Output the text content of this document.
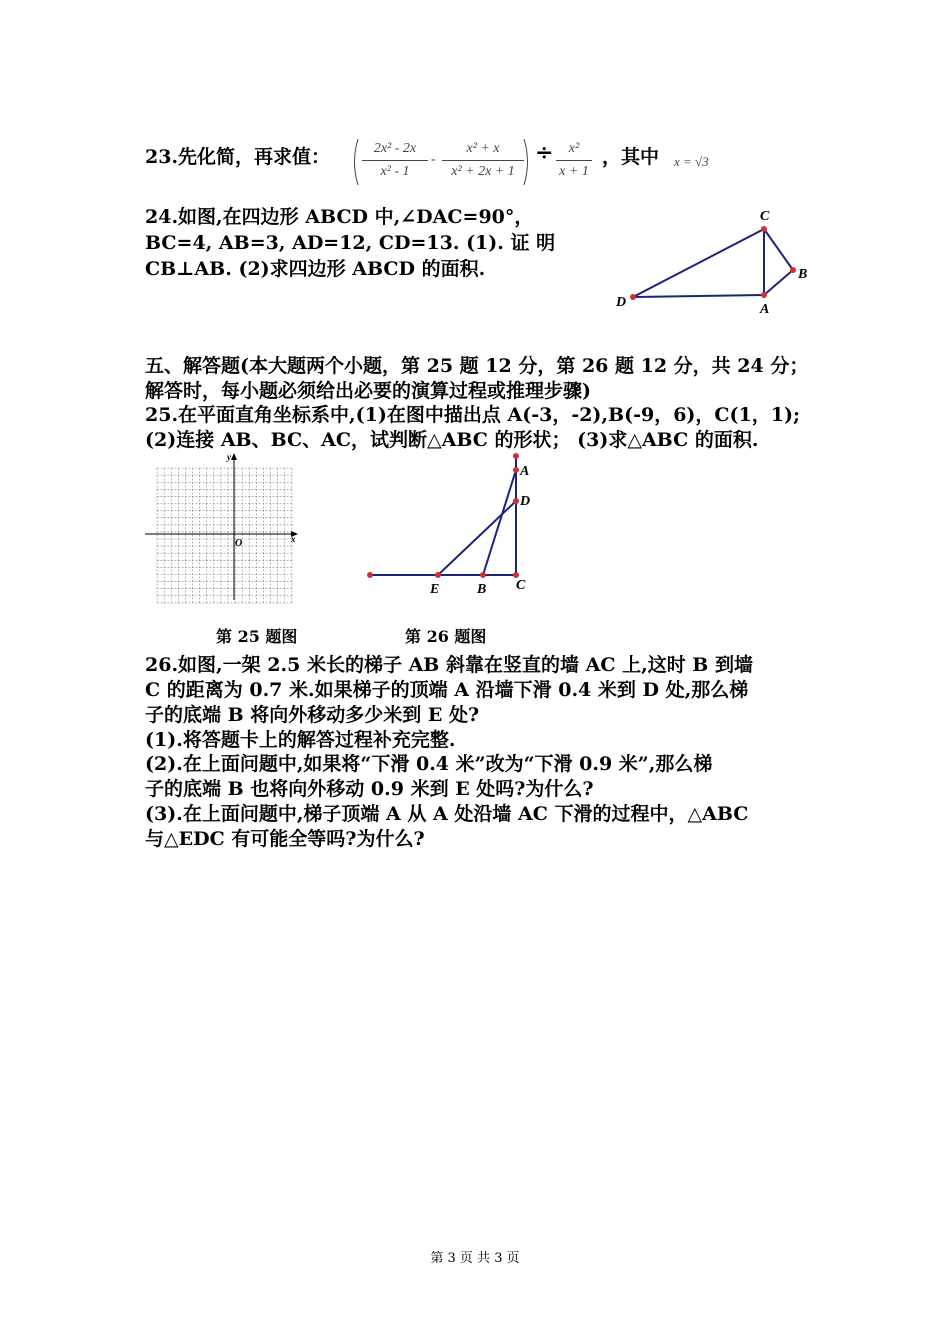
23.先化简，再求值：	2x² - 2x
x² - 1
-
x² + x
x² + 2x + 1
÷ x²
x + 1
，其中 x = √3
24.如图,在四边形 ABCD 中,∠DAC=90°，
BC=4, AB=3, AD=12, CD=13. (1). 证 明
CB⊥AB. (2)求四边形 ABCD 的面积.
C
B
D	A
五、解答题(本大题两个小题，第 25 题 12 分，第 26 题 12 分，共 24 分；
解答时，每小题必须给出必要的演算过程或推理步骤)
25.在平面直角坐标系中,(1)在图中描出点 A(-3，-2),B(-9，6)，C(1，1);
(2)连接 AB、BC、AC，试判断△ABC 的形状； (3)求△ABC 的面积.
y
x
O
A
D
E	B C
第 25 题图	第 26 题图
26.如图,一架 2.5 米长的梯子 AB 斜靠在竖直的墙 AC 上,这时 B 到墙
C 的距离为 0.7 米.如果梯子的顶端 A 沿墙下滑 0.4 米到 D 处,那么梯
子的底端 B 将向外移动多少米到 E 处?
(1).将答题卡上的解答过程补充完整.
(2).在上面问题中,如果将“下滑 0.4 米”改为“下滑 0.9 米”,那么梯
子的底端 B 也将向外移动 0.9 米到 E 处吗?为什么?
(3).在上面问题中,梯子顶端 A 从 A 处沿墙 AC 下滑的过程中，△ABC
与△EDC 有可能全等吗?为什么?
第 3 页 共 3 页
